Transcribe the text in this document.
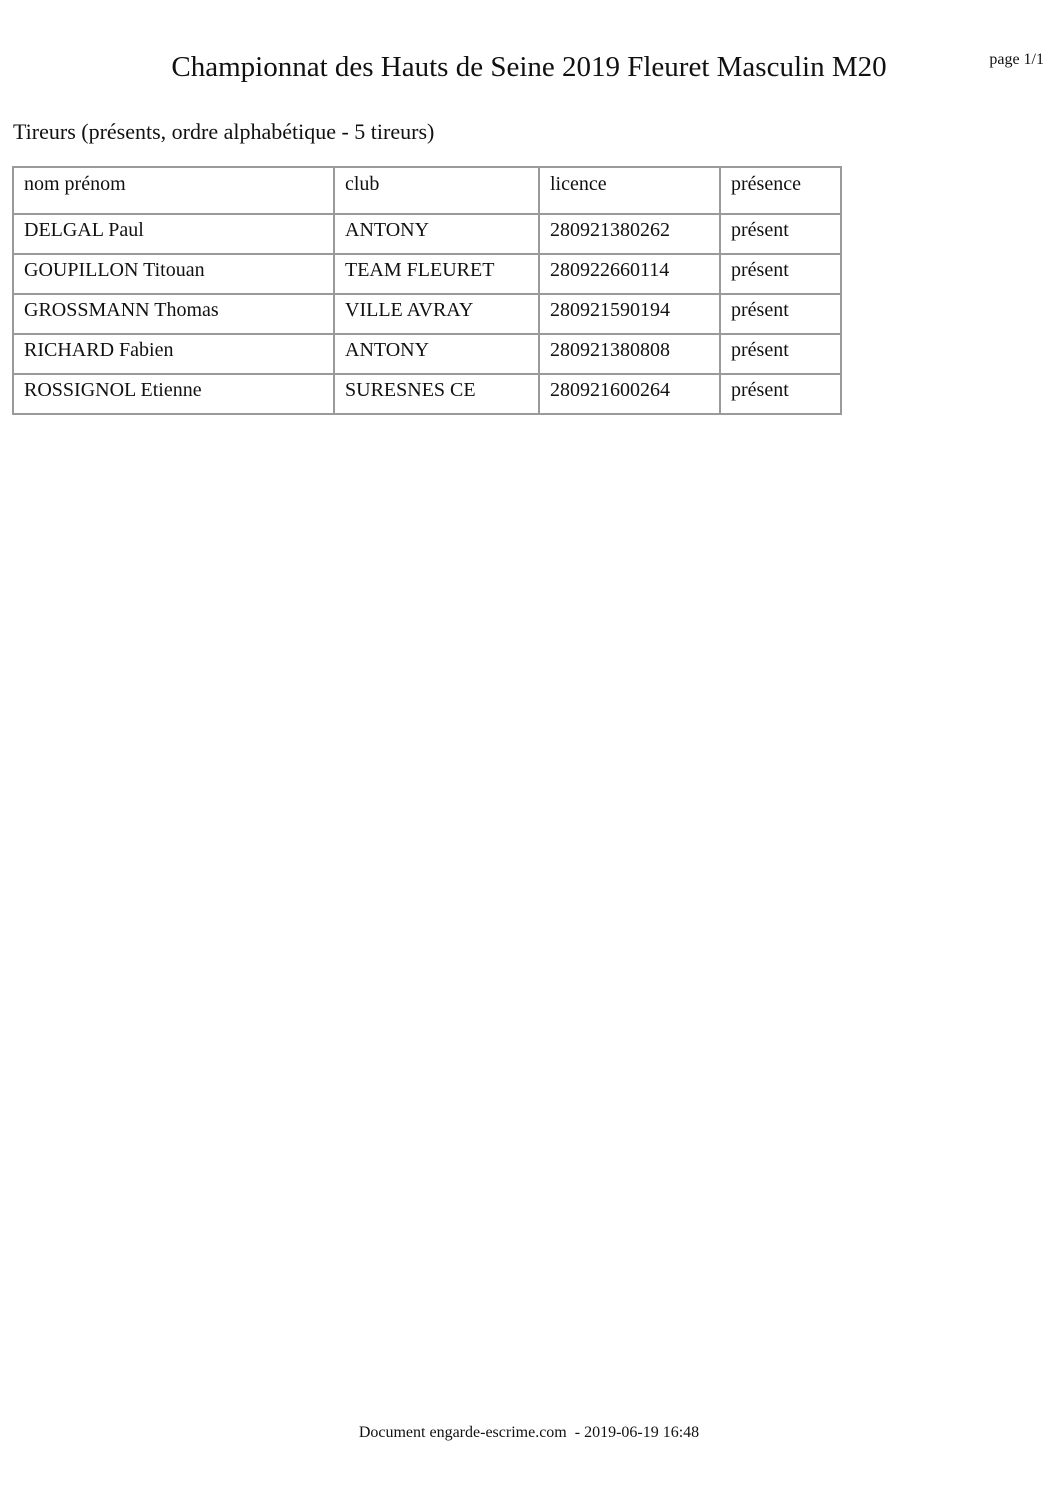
Championnat des Hauts de Seine 2019 Fleuret Masculin M20	page 1/1
Tireurs (présents, ordre alphabétique - 5 tireurs)
nom prénom	club	licence	présence
DELGAL Paul	ANTONY	280921380262	présent
GOUPILLON Titouan	TEAM FLEURET	280922660114	présent
GROSSMANN Thomas	VILLE AVRAY	280921590194	présent
RICHARD Fabien	ANTONY	280921380808	présent
ROSSIGNOL Etienne	SURESNES CE	280921600264	présent
Document engarde-escrime.com  - 2019-06-19 16:48
